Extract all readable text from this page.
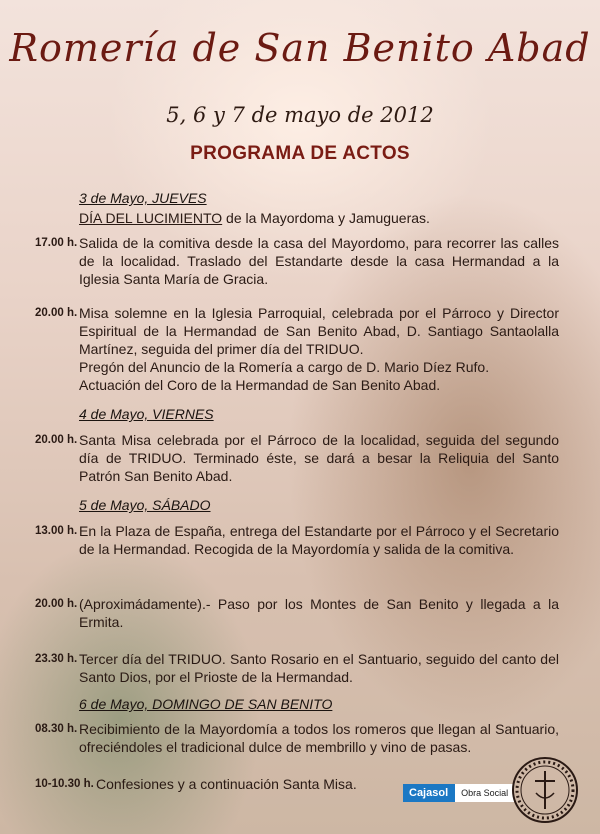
Romería de San Benito Abad
5, 6 y 7 de mayo de 2012
PROGRAMA DE ACTOS
3 de Mayo, JUEVES
DÍA DEL LUCIMIENTO de la Mayordoma y Jamugueras.
17.00 h. Salida de la comitiva desde la casa del Mayordomo, para recorrer las calles de la localidad. Traslado del Estandarte desde la casa Hermandad a la Iglesia Santa María de Gracia.

20.00 h. Misa solemne en la Iglesia Parroquial, celebrada por el Párroco y Director Espiritual de la Hermandad de San Benito Abad, D. Santiago Santaolalla Martínez, seguida del primer día del TRIDUO.

Pregón del Anuncio de la Romería a cargo de D. Mario Díez Rufo.

Actuación del Coro de la Hermandad de San Benito Abad.

4 de Mayo, VIERNES
20.00 h. Santa Misa celebrada por el Párroco de la localidad, seguida del segundo día de TRIDUO. Terminado éste, se dará a besar la Reliquia del Santo Patrón San Benito Abad.

5 de Mayo, SÁBADO
13.00 h. En la Plaza de España, entrega del Estandarte por el Párroco y el Secretario de la Hermandad. Recogida de la Mayordomía y salida de la comitiva.

20.00 h. (Aproximádamente).- Paso por los Montes de San Benito y llegada a la Ermita.

23.30 h. Tercer día del TRIDUO. Santo Rosario en el Santuario, seguido del canto del Santo Dios, por el Prioste de la Hermandad.

6 de Mayo, DOMINGO DE SAN BENITO
08.30 h. Recibimiento de la Mayordomía a todos los romeros que llegan al Santuario, ofreciéndoles el tradicional dulce de membrillo y vino de pasas.

10-10.30 h. Confesiones y a continuación Santa Misa.

Cajasol	Obra Social
